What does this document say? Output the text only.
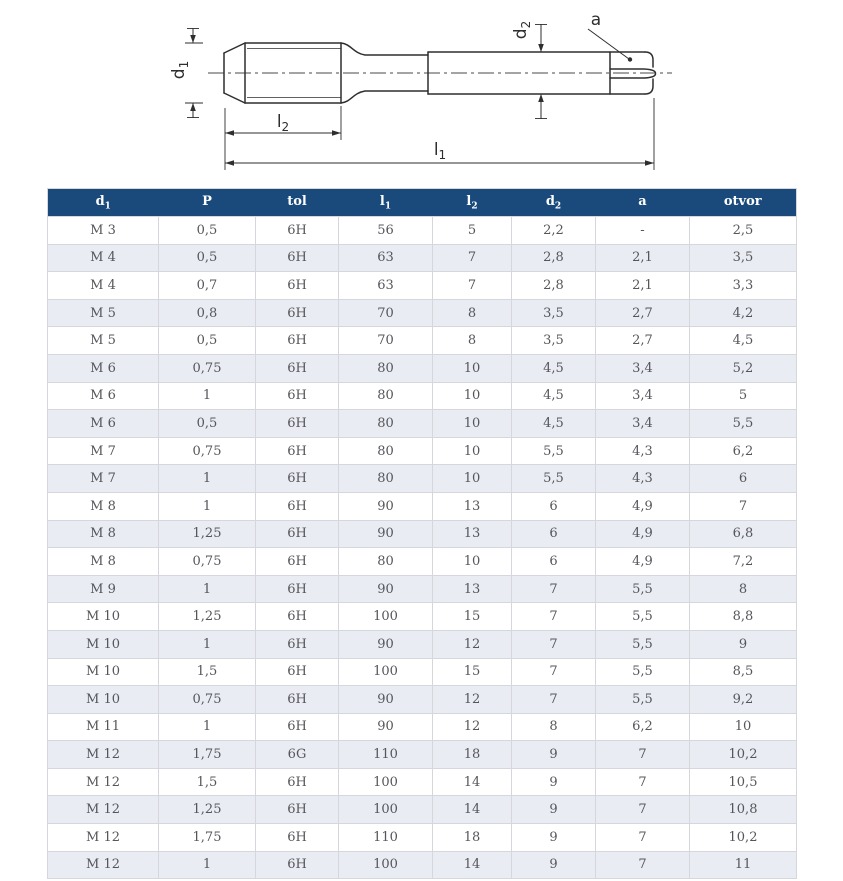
$d_1$
$l_2$
$l_1$
$d_2$	a
$d_1$	P	tol	$l_1$	$l_2$	$d_2$	a	otvor
M 3	0,5	6H	56	5	2,2	-	2,5
M 4	0,5	6H	63	7	2,8	2,1	3,5
M 4	0,7	6H	63	7	2,8	2,1	3,3
M 5	0,8	6H	70	8	3,5	2,7	4,2
M 5	0,5	6H	70	8	3,5	2,7	4,5
M 6	0,75	6H	80	10	4,5	3,4	5,2
M 6	1	6H	80	10	4,5	3,4	5
M 6	0,5	6H	80	10	4,5	3,4	5,5
M 7	0,75	6H	80	10	5,5	4,3	6,2
M 7	1	6H	80	10	5,5	4,3	6
M 8	1	6H	90	13	6	4,9	7
M 8	1,25	6H	90	13	6	4,9	6,8
M 8	0,75	6H	80	10	6	4,9	7,2
M 9	1	6H	90	13	7	5,5	8
M 10	1,25	6H	100	15	7	5,5	8,8
M 10	1	6H	90	12	7	5,5	9
M 10	1,5	6H	100	15	7	5,5	8,5
M 10	0,75	6H	90	12	7	5,5	9,2
M 11	1	6H	90	12	8	6,2	10
M 12	1,75	6G	110	18	9	7	10,2
M 12	1,5	6H	100	14	9	7	10,5
M 12	1,25	6H	100	14	9	7	10,8
M 12	1,75	6H	110	18	9	7	10,2
M 12	1	6H	100	14	9	7	11
